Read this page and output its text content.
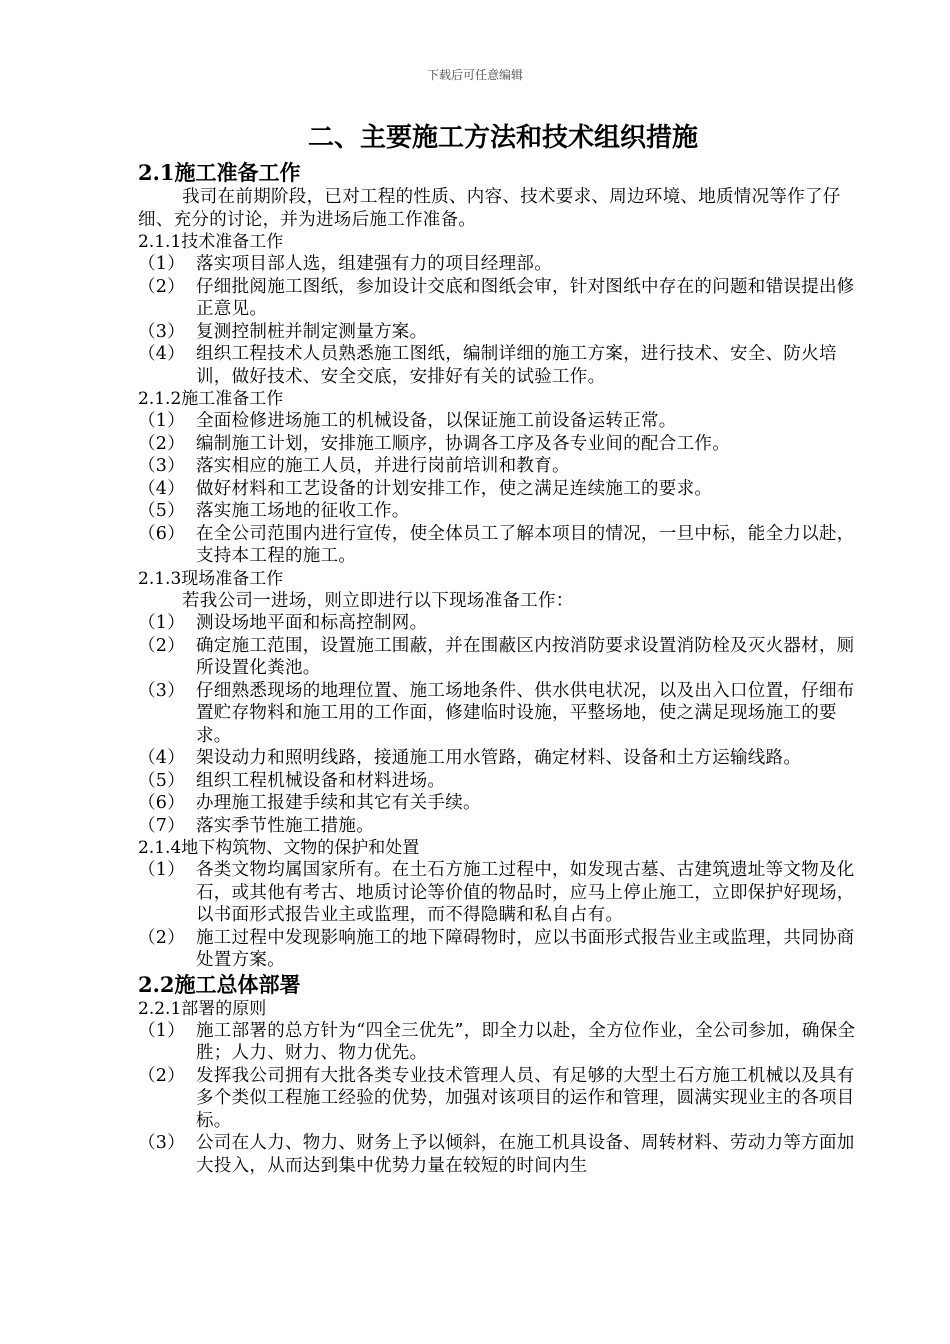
下载后可任意编辑
二、主要施工方法和技术组织措施
2.1施工准备工作

我司在前期阶段，已对工程的性质、内容、技术要求、周边环境、地质情况等作了仔细、充分的讨论，并为进场后施工作准备。

2.1.1技术准备工作
（1） 落实项目部人选，组建强有力的项目经理部。
（2） 仔细批阅施工图纸，参加设计交底和图纸会审，针对图纸中存在的问题和错误提出修正意见。
（3） 复测控制桩并制定测量方案。
（4） 组织工程技术人员熟悉施工图纸，编制详细的施工方案，进行技术、安全、防火培训，做好技术、安全交底，安排好有关的试验工作。
2.1.2施工准备工作
（1） 全面检修进场施工的机械设备，以保证施工前设备运转正常。
（2） 编制施工计划，安排施工顺序，协调各工序及各专业间的配合工作。
（3） 落实相应的施工人员，并进行岗前培训和教育。
（4） 做好材料和工艺设备的计划安排工作，使之满足连续施工的要求。
（5） 落实施工场地的征收工作。
（6） 在全公司范围内进行宣传，使全体员工了解本项目的情况，一旦中标，能全力以赴，支持本工程的施工。
2.1.3现场准备工作

若我公司一进场，则立即进行以下现场准备工作：

（1） 测设场地平面和标高控制网。
（2） 确定施工范围，设置施工围蔽，并在围蔽区内按消防要求设置消防栓及灭火器材，厕所设置化粪池。
（3） 仔细熟悉现场的地理位置、施工场地条件、供水供电状况，以及出入口位置，仔细布置贮存物料和施工用的工作面，修建临时设施，平整场地，使之满足现场施工的要求。
（4） 架设动力和照明线路，接通施工用水管路，确定材料、设备和土方运输线路。
（5） 组织工程机械设备和材料进场。
（6） 办理施工报建手续和其它有关手续。
（7） 落实季节性施工措施。
2.1.4地下构筑物、文物的保护和处置
（1） 各类文物均属国家所有。在土石方施工过程中，如发现古墓、古建筑遗址等文物及化石，或其他有考古、地质讨论等价值的物品时，应马上停止施工，立即保护好现场，以书面形式报告业主或监理，而不得隐瞒和私自占有。
（2） 施工过程中发现影响施工的地下障碍物时，应以书面形式报告业主或监理，共同协商处置方案。
2.2施工总体部署
2.2.1部署的原则
（1） 施工部署的总方针为“四全三优先”，即全力以赴，全方位作业，全公司参加，确保全胜；人力、财力、物力优先。
（2） 发挥我公司拥有大批各类专业技术管理人员、有足够的大型土石方施工机械以及具有多个类似工程施工经验的优势，加强对该项目的运作和管理，圆满实现业主的各项目标。
（3） 公司在人力、物力、财务上予以倾斜，在施工机具设备、周转材料、劳动力等方面加大投入，从而达到集中优势力量在较短的时间内生
